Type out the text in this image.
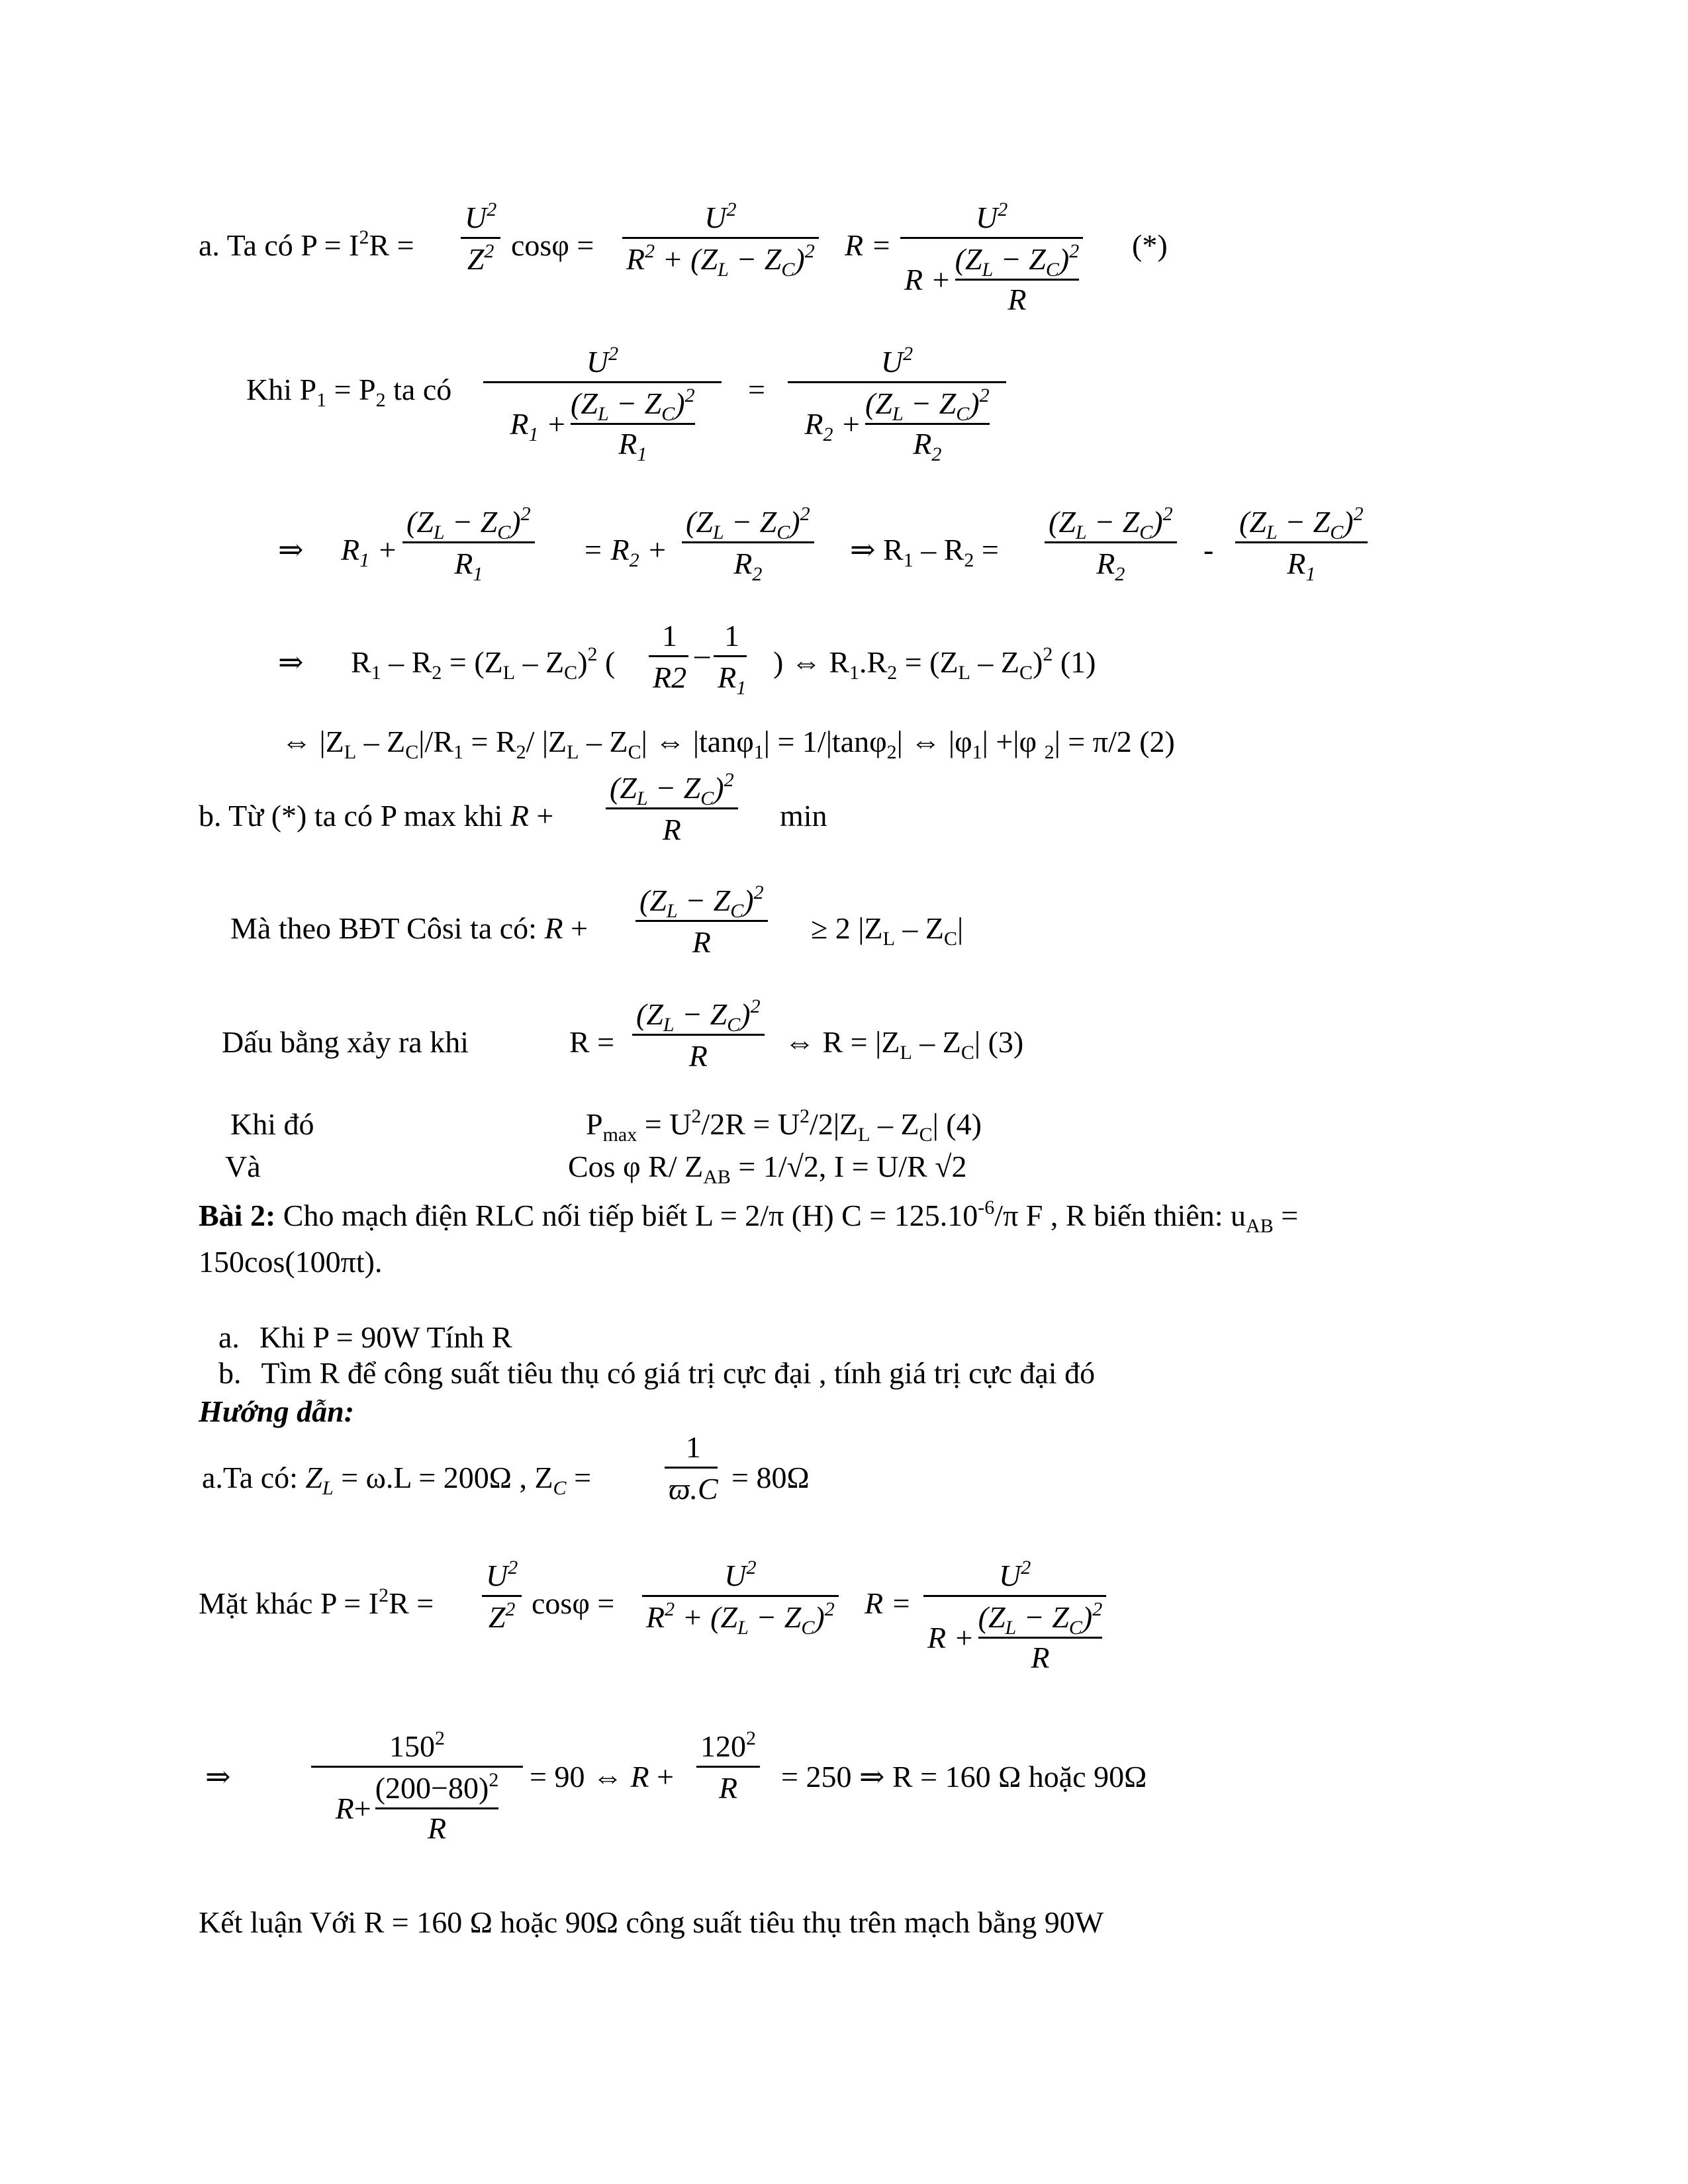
a. Ta có $P = I^2R$ =
$U^2$
$Z^2$ cosφ =
$U^2$
$R^2 + (Z_L - Z_C)^2$ R =
$U^2$
R +
$(Z_L - Z_C)^2$
R
(*)
Khi $P_1 = P_2$ ta có
$U^2$
$R_1$ +
$(Z_L - Z_C)^2$
$R_1$
=
$U^2$
$R_2$ +
$(Z_L - Z_C)^2$
$R_2$
⇒ $R_1$ +
$(Z_L - Z_C)^2$
$R_1$
= $R_2$ +
$(Z_L - Z_C)^2$
$R_2$
⇒ $R_1 - R_2$ =
$(Z_L - Z_C)^2$
$R_2$
-
$(Z_L - Z_C)^2$
$R_1$
⇒ $R_1 - R_2 = (Z_L - Z_C)^2$ ( $\frac{1}{R2} - \frac{1}{R_1}$ ) ⇔ $R_1.R_2 = (Z_L - Z_C)^2$ (1)
⇔ $|Z_L - Z_C|/R_1 = R_2/$ $|Z_L - Z_C|$ ⇔ |tanφ$_1$| = 1/|tanφ$_2$| ⇔ $|\varphi_1| +|\varphi$ $_2$| = π/2 (2)
b. Từ (*) ta có P max khi R +
$(Z_L - Z_C)^2$
R	min
Mà theo BĐT Côsi ta có: R +
$(Z_L - Z_C)^2$
R	≥ 2 $|Z_L - Z_C|$
Dấu bằng xảy ra khi	R =
$(Z_L - Z_C)^2$
R	⇔ $R = |Z_L - Z_C|$ (3)
Khi đó	$P_{max} = U^2/2R = U^2/2|Z_L - Z_C|$ (4)
Và	Cos φ R/ $Z_{AB} = 1/√2$, I = U/R √2
Bài 2: Cho mạch điện RLC nối tiếp biết L = 2/π (H) $C = 125.10^{-6}/\pi$ F , R biến thiên: $u_{AB}$ =
150cos(100πt).
a. Khi P = 90W Tính R
b. Tìm R để công suất tiêu thụ có giá trị cực đại , tính giá trị cực đại đó
Hướng dẫn:
a.Ta có: $Z_L = \omega.L = 200\Omega$ , $Z_C$ =
1
ϖ.C = 80Ω
Mặt khác $P = I^2R$ =
$U^2$
$Z^2$ cosφ =
$U^2$
$R^2 + (Z_L - Z_C)^2$ R =
$U^2$
R +
$(Z_L - Z_C)^2$
R
⇒
$150^2$
R +
$(200-80)^2$
R
= 90 ⇔ R +
$120^2$
R = 250 ⇒ R = 160 Ω hoặc 90Ω
Kết luận Với R = 160 Ω hoặc 90Ω công suất tiêu thụ trên mạch bằng 90W
